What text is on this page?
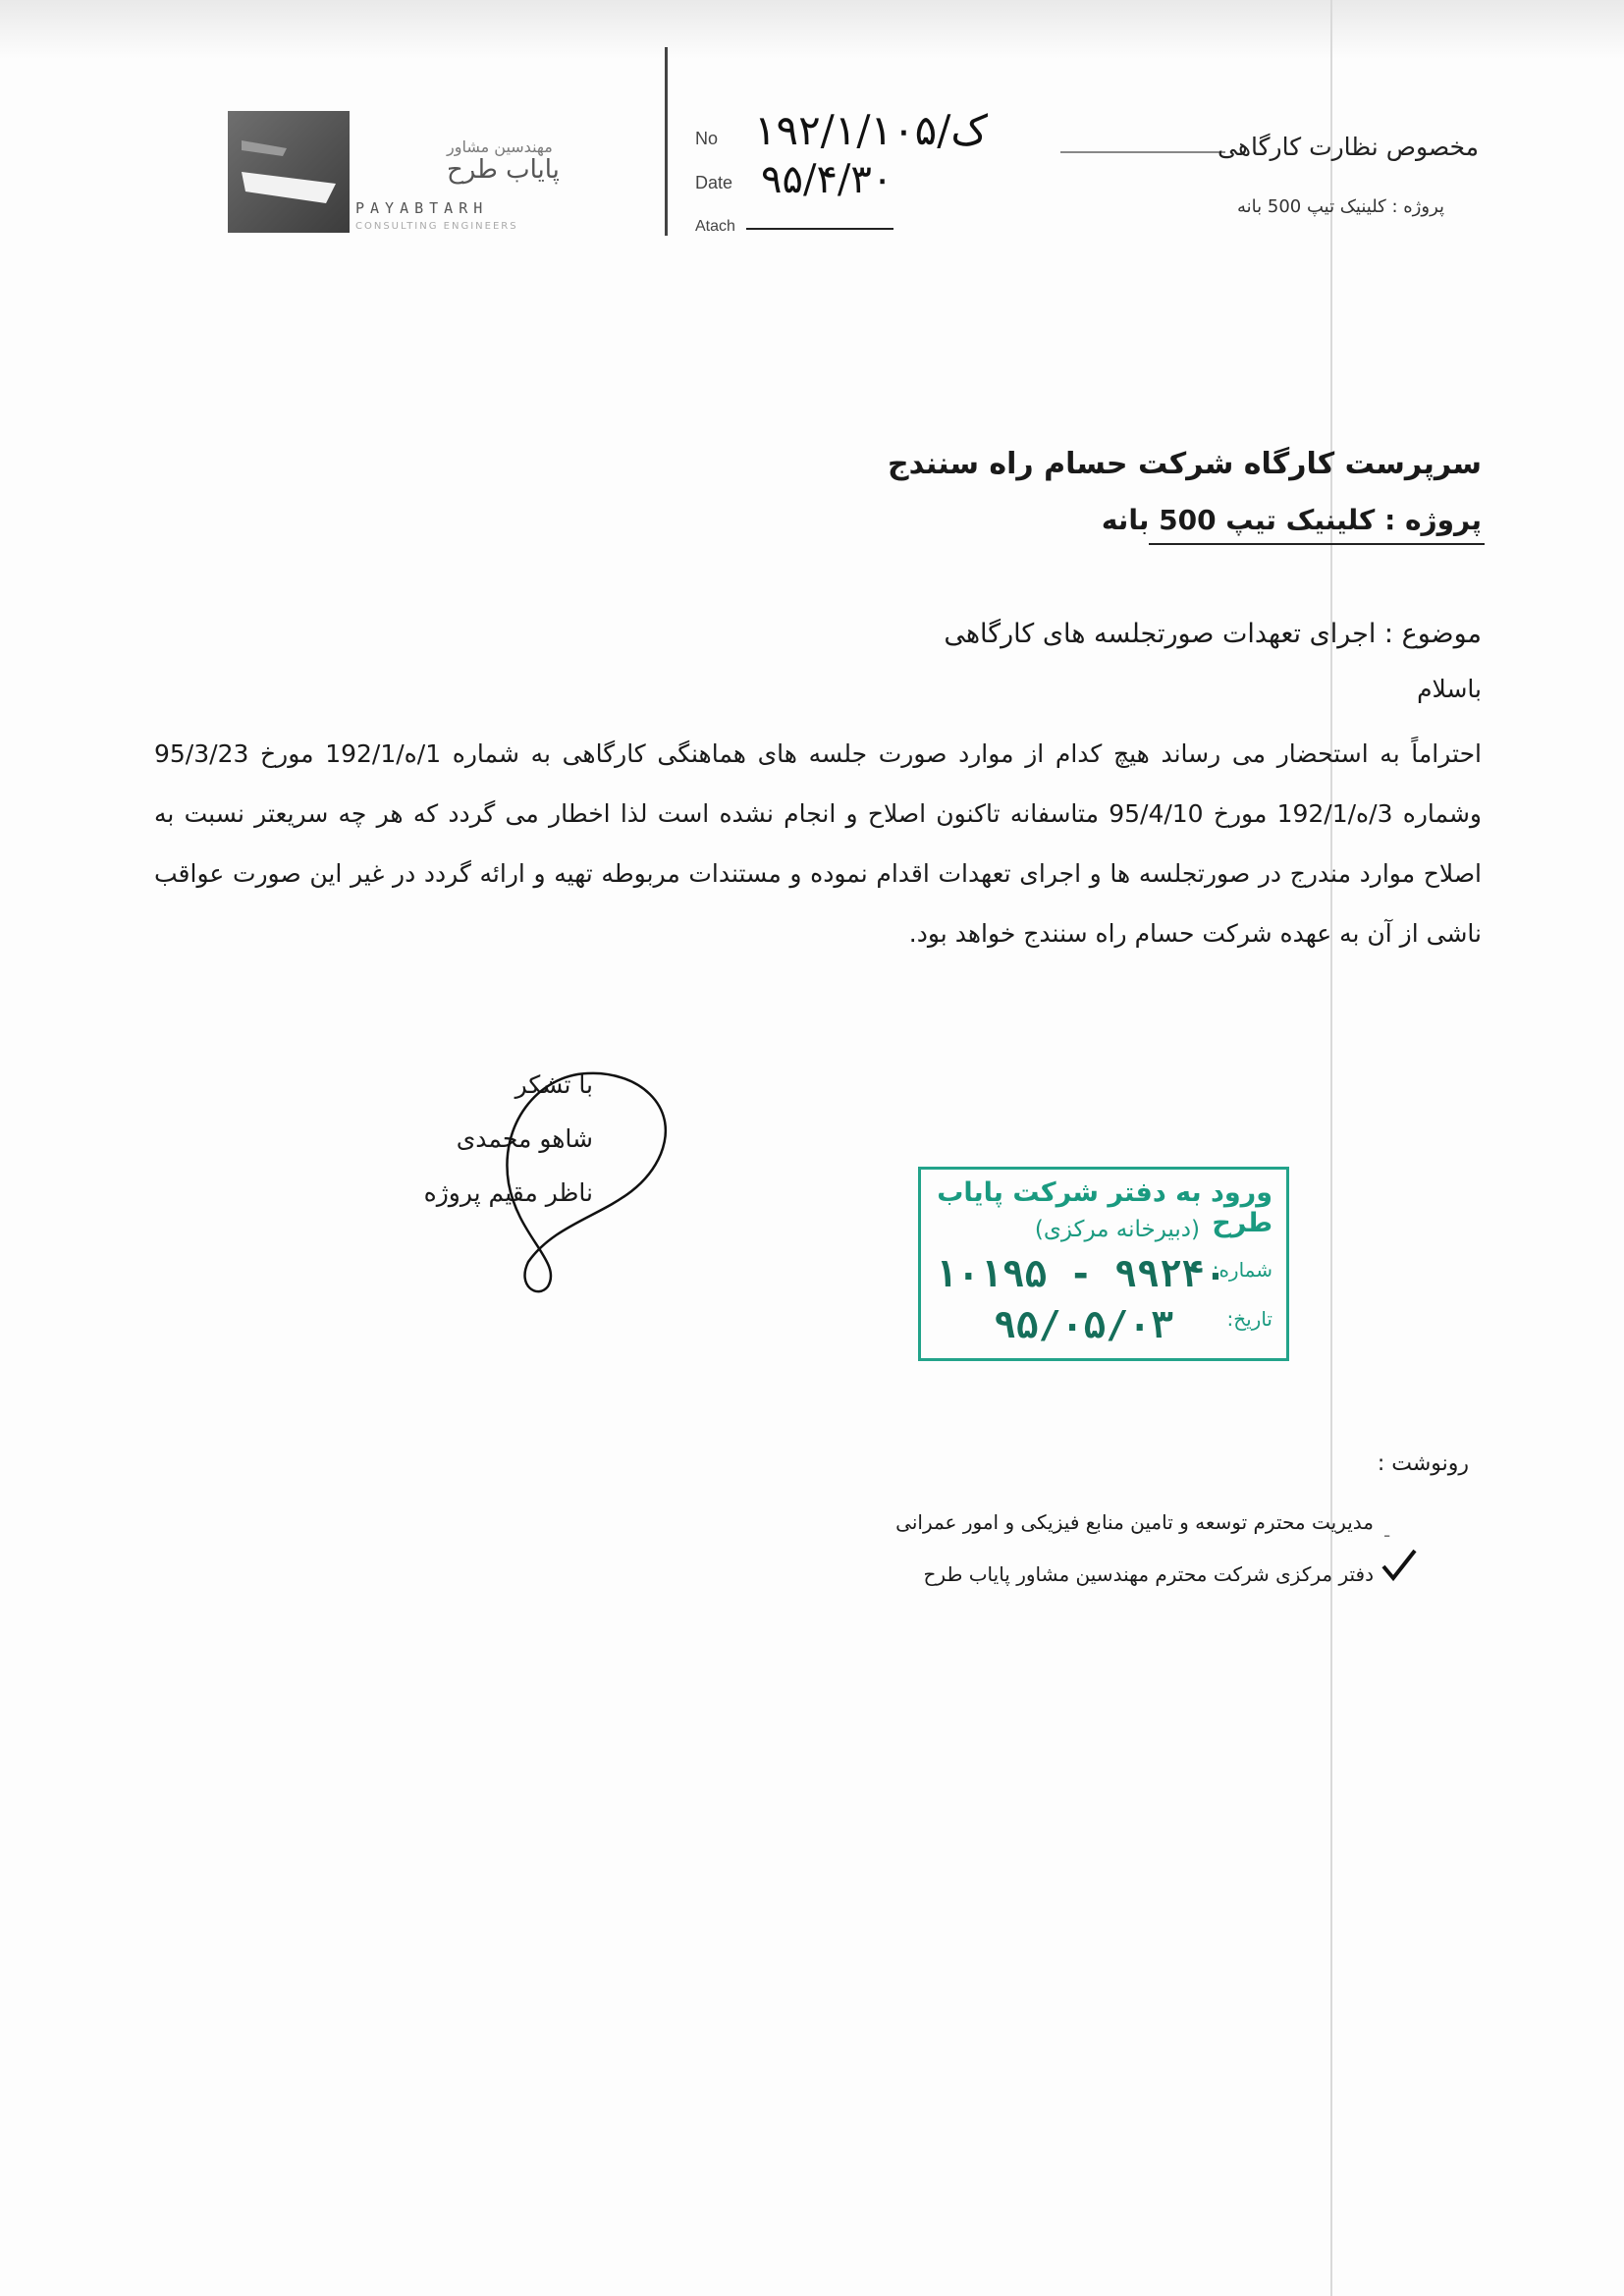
مهندسین مشاور
پایاب طرح
PAYABTARH
CONSULTING ENGINEERS
No ۱۹۲/۱/ک/۱۰۵
Date ۹۵/۴/۳۰
Atach
مخصوص نظارت کارگاهی
پروژه : کلینیک تیپ 500 بانه
سرپرست کارگاه شرکت حسام راه سنندج
پروژه : کلینیک تیپ 500 بانه
موضوع : اجرای تعهدات صورتجلسه های کارگاهی
باسلام
احتراماً به استحضار می رساند هیچ کدام از موارد صورت جلسه های هماهنگی کارگاهی به شماره 1/ه/192/1 مورخ 95/3/23 وشماره 3/ه/192/1 مورخ 95/4/10 متاسفانه تاکنون اصلاح و انجام نشده است لذا اخطار می گردد که هر چه سریعتر نسبت به اصلاح موارد مندرج در صورتجلسه ها و اجرای تعهدات اقدام نموده و مستندات مربوطه تهیه و ارائه گردد در غیر این صورت عواقب ناشی از آن به عهده شرکت حسام راه سنندج خواهد بود.
با تشکر
شاهو محمدی
ناظر مقیم پروژه	ورود به دفتر شرکت پایاب طرح
(دبیرخانه مرکزی)
شماره:
۱۰۱۹۵ - ۹۹۲۴۰
تاریخ:
۹۵/۰۵/۰۳
رونوشت :
-
مدیریت محترم توسعه و تامین منابع فیزیکی و امور عمرانی
دفتر مرکزی شرکت محترم مهندسین مشاور پایاب طرح
